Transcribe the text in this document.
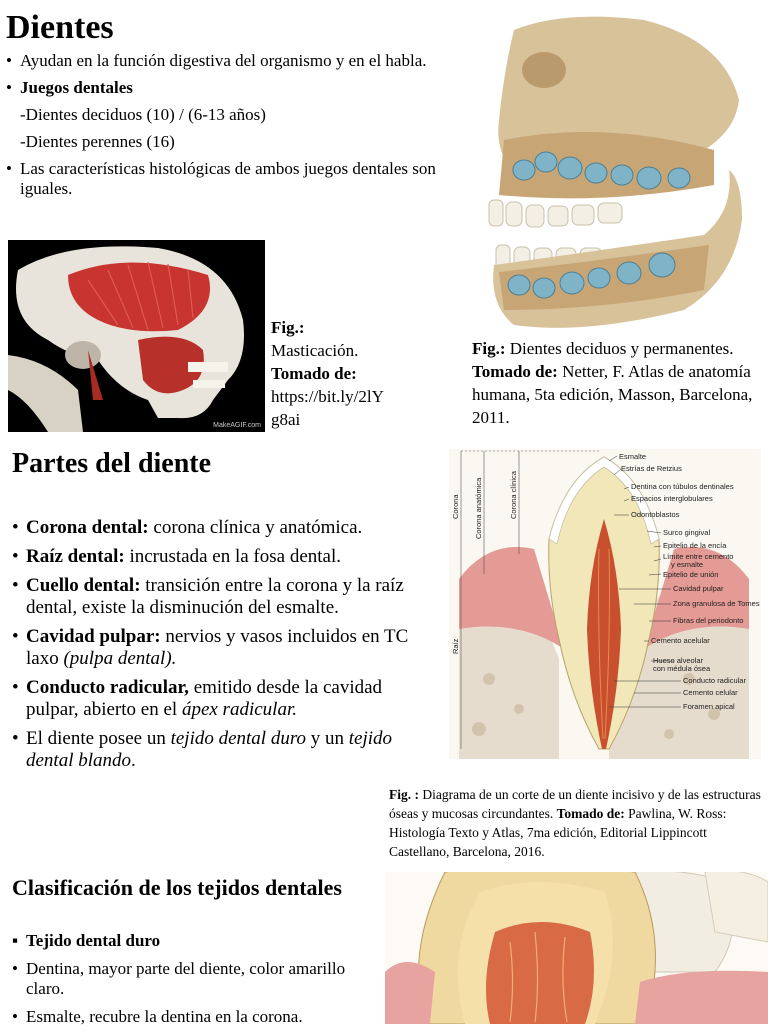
Dientes
• Ayudan en la función digestiva del organismo y en el habla.
• Juegos dentales
-Dientes deciduos (10) / (6-13 años)
-Dientes perennes (16)
• Las características histológicas de ambos juegos dentales son iguales.
MakeAGIF.com
Fig.:
Masticación.
Tomado de:
https://bit.ly/2lY g8ai
Fig.: Dientes deciduos y permanentes. Tomado de: Netter, F. Atlas de anatomía humana, 5ta edición, Masson, Barcelona, 2011.
Partes del diente
• Corona dental: corona clínica y anatómica.
• Raíz dental: incrustada en la fosa dental.
• Cuello dental: transición entre la corona y la raíz dental, existe la disminución del esmalte.
• Cavidad pulpar: nervios y vasos incluidos en TC laxo (pulpa dental).
• Conducto radicular, emitido desde la cavidad pulpar, abierto en el ápex radicular.
• El diente posee un tejido dental duro y un tejido dental blando.
Esmalte
Estrías de Retzius
Dentina con túbulos dentinales
Espacios interglobulares
Odontoblastos
Surco gingival
Epitelio de la encía
Límite entre cemento
y esmalte
Epitelio de unión
Cavidad pulpar
Zona granulosa de Tomes
Fibras del periodonto
Cemento acelular
Hueso alveolar
con médula ósea
Conducto radicular
Cemento celular
Foramen apical
Corona Corona anatómica	Corona clínica
Raíz
Fig. : Diagrama de un corte de un diente incisivo y de las estructuras óseas y mucosas circundantes. Tomado de: Pawlina, W. Ross: Histología Texto y Atlas, 7ma edición, Editorial Lippincott Castellano, Barcelona, 2016.
Clasificación de los tejidos dentales
▪ Tejido dental duro
• Dentina, mayor parte del diente, color amarillo claro.
• Esmalte, recubre la dentina en la corona.
